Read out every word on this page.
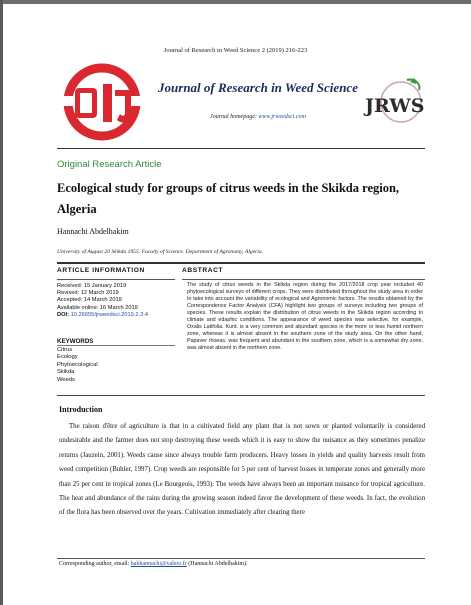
Journal of Research in Weed Science 2 (2019) 216-223
Journal of Research in Weed Science
Journal homepage: www.jrweedsci.com	JRWS
Original Research Article
Ecological study for groups of citrus weeds in the Skikda region, Algeria
Hannachi Abdelhakim
University of August 20 Skikda 1955. Faculty of Science. Department of Agronomy, Algeria.
ARTICLE INFORMATION	ABSTRACT
Received: 15 January 2019
Revised: 12 March 2019
Accepted: 14 March 2019
Available online: 16 March 2019
DOI: 10.26655/jrweedsci.2019.2.3.4
KEYWORDS
Citrus
Ecology
Phytoecological
Skikda
Weeds
The study of citrus weeds in the Skikda region during the 2017/2018 crop year included 40 phytoecological surveys of different crops. They were distributed throughout the study area in order to take into account the variability of ecological and Agronomic factors. The results obtained by the Correspondence Factor Analysis (CFA) highlight two groups of surveys including two groups of species. These results explain the distribution of citrus weeds in the Skikda region according to climate and edaphic conditions. The appearance of weed species was selective, for example, Oxalis Latifolia. Kunt. is a very common and abundant species in the more or less humid northern zone, whereas it is almost absent in the southern zone of the study area. On the other hand, Papaver rhoeas. was frequent and abundant in the southern zone, which is a somewhat dry zone, was almost absent in the northern zone.
Introduction
The raison d'être of agriculture is that in a cultivated field any plant that is not sown or planted voluntarily is considered undesirable and the farmer does not stop destroying these weeds which it is easy to show the nuisance as they sometimes penalize returns (Jauzein, 2001). Weeds cause since always trouble farm producers. Heavy losses in yields and quality harvests result from weed competition (Buhler, 1997). Crop weeds are responsible for 5 per cent of harvest losses in temperate zones and generally more than 25 per cent in tropical zones (Le Bourgeois, 1993). The weeds have always been an important nuisance for tropical agriculture. The heat and abundance of the rains during the growing season indeed favor the development of these weeds. In fact, the evolution of the flora has been observed over the years. Cultivation immediately after clearing there
Corresponding author, email: hakhannachi@yahoo.fr (Hannachi Abdelhakim).
